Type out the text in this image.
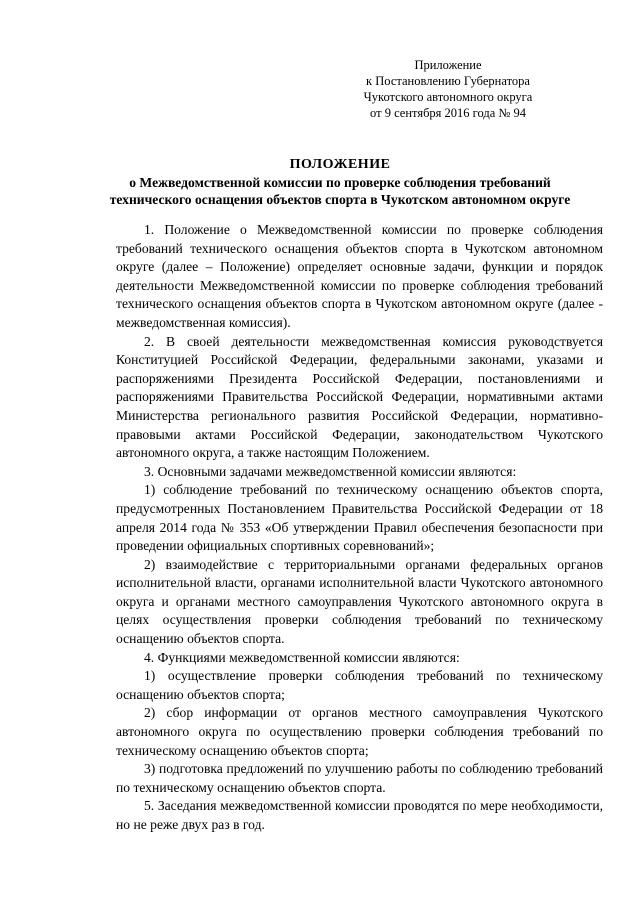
Приложение
к Постановлению Губернатора
Чукотского автономного округа
от 9 сентября 2016 года № 94
ПОЛОЖЕНИЕ
о Межведомственной комиссии по проверке соблюдения требований
технического оснащения объектов спорта в Чукотском автономном округе

1. Положение о Межведомственной комиссии по проверке соблюдения требований технического оснащения объектов спорта в Чукотском автономном округе (далее – Положение) определяет основные задачи, функции и порядок деятельности Межведомственной комиссии по проверке соблюдения требований технического оснащения объектов спорта в Чукотском автономном округе (далее - межведомственная комиссия).

2. В своей деятельности межведомственная комиссия руководствуется Конституцией Российской Федерации, федеральными законами, указами и распоряжениями Президента Российской Федерации, постановлениями и распоряжениями Правительства Российской Федерации, нормативными актами Министерства регионального развития Российской Федерации, нормативно-правовыми актами Российской Федерации, законодательством Чукотского автономного округа, а также настоящим Положением.

3. Основными задачами межведомственной комиссии являются:

1) соблюдение требований по техническому оснащению объектов спорта, предусмотренных Постановлением Правительства Российской Федерации от 18 апреля 2014 года № 353 «Об утверждении Правил обеспечения безопасности при проведении официальных спортивных соревнований»;

2) взаимодействие с территориальными органами федеральных органов исполнительной власти, органами исполнительной власти Чукотского автономного округа и органами местного самоуправления Чукотского автономного округа в целях осуществления проверки соблюдения требований по техническому оснащению объектов спорта.

4. Функциями межведомственной комиссии являются:

1) осуществление проверки соблюдения требований по техническому оснащению объектов спорта;

2) сбор информации от органов местного самоуправления Чукотского автономного округа по осуществлению проверки соблюдения требований по техническому оснащению объектов спорта;

3) подготовка предложений по улучшению работы по соблюдению требований по техническому оснащению объектов спорта.

5. Заседания межведомственной комиссии проводятся по мере необходимости, но не реже двух раз в год.
